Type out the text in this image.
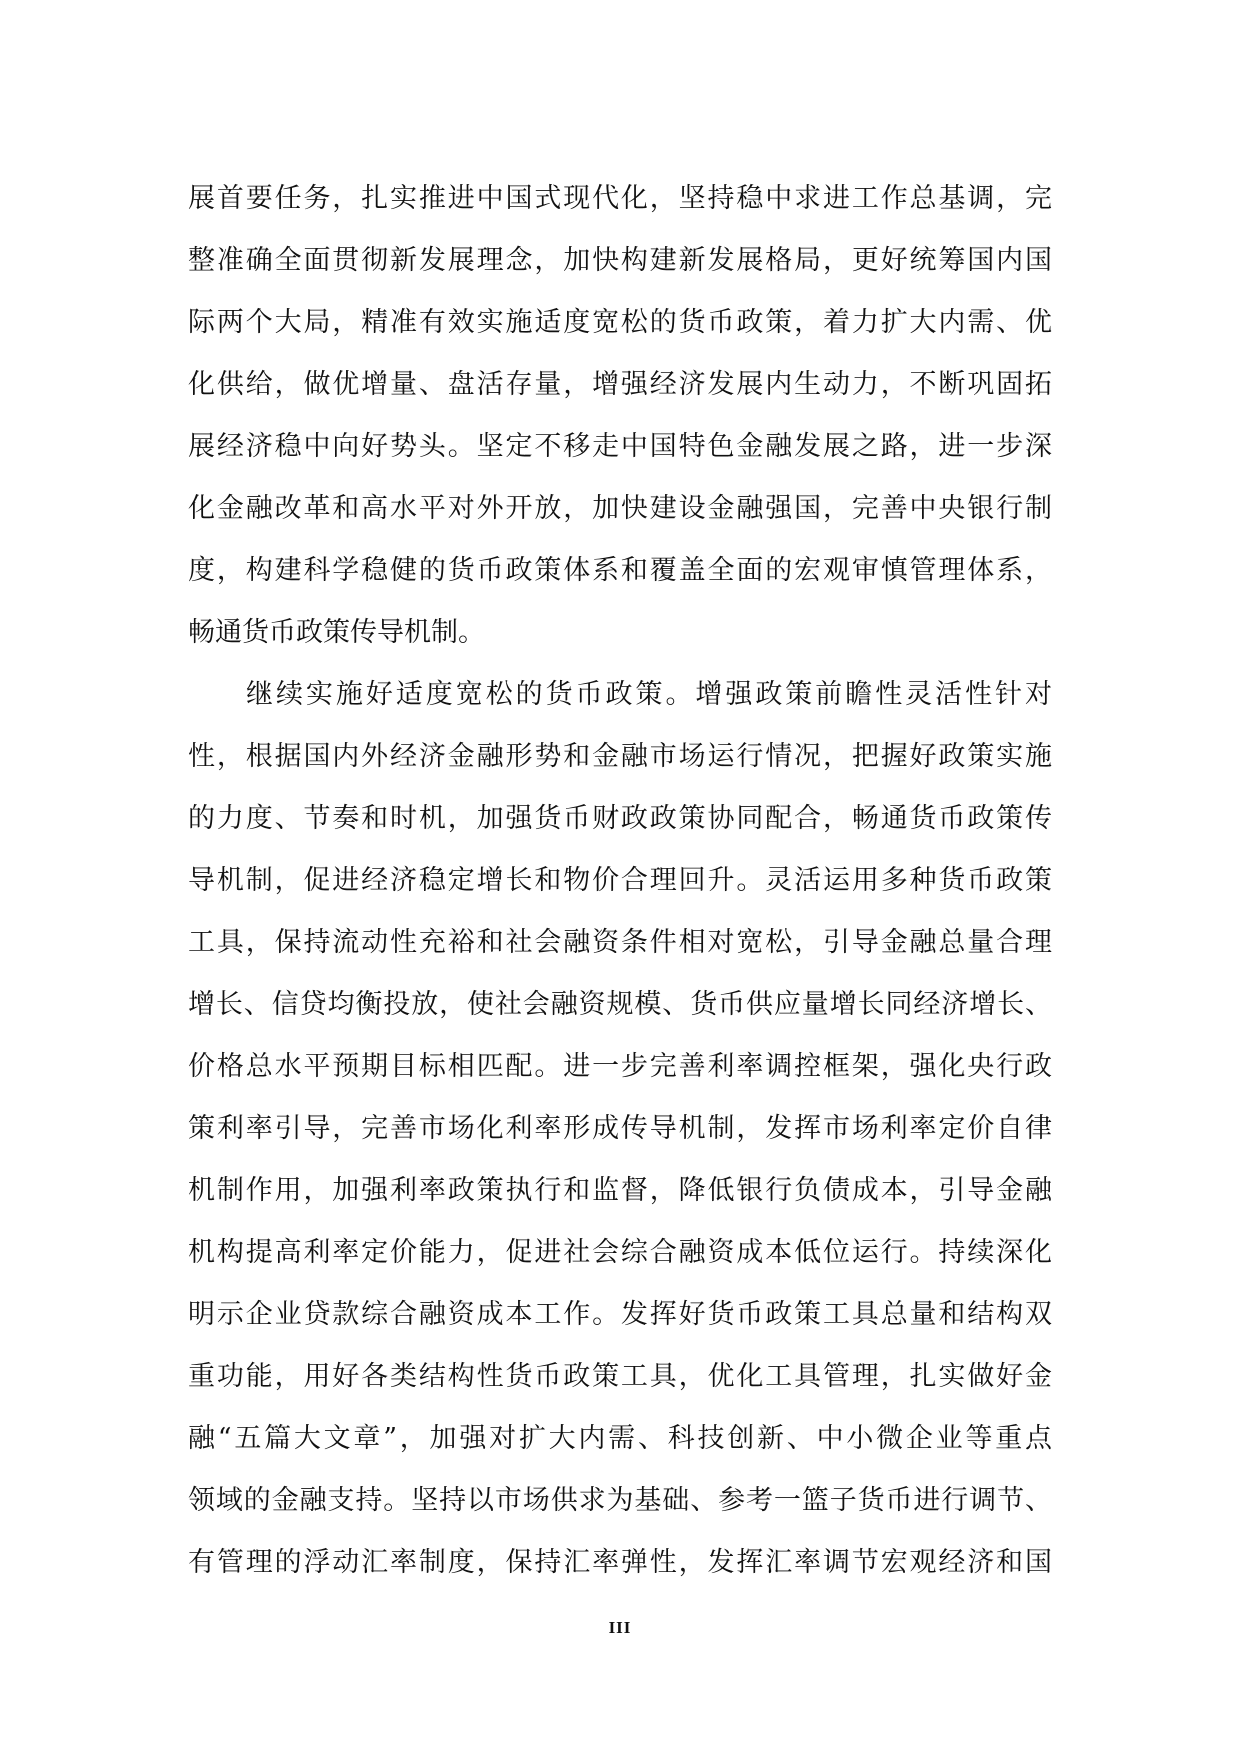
展首要任务，扎实推进中国式现代化，坚持稳中求进工作总基调，完
整准确全面贯彻新发展理念，加快构建新发展格局，更好统筹国内国
际两个大局，精准有效实施适度宽松的货币政策，着力扩大内需、优
化供给，做优增量、盘活存量，增强经济发展内生动力，不断巩固拓
展经济稳中向好势头。坚定不移走中国特色金融发展之路，进一步深
化金融改革和高水平对外开放，加快建设金融强国，完善中央银行制
度，构建科学稳健的货币政策体系和覆盖全面的宏观审慎管理体系，
畅通货币政策传导机制。
继续实施好适度宽松的货币政策。增强政策前瞻性灵活性针对
性，根据国内外经济金融形势和金融市场运行情况，把握好政策实施
的力度、节奏和时机，加强货币财政政策协同配合，畅通货币政策传
导机制，促进经济稳定增长和物价合理回升。灵活运用多种货币政策
工具，保持流动性充裕和社会融资条件相对宽松，引导金融总量合理
增长、信贷均衡投放，使社会融资规模、货币供应量增长同经济增长、
价格总水平预期目标相匹配。进一步完善利率调控框架，强化央行政
策利率引导，完善市场化利率形成传导机制，发挥市场利率定价自律
机制作用，加强利率政策执行和监督，降低银行负债成本，引导金融
机构提高利率定价能力，促进社会综合融资成本低位运行。持续深化
明示企业贷款综合融资成本工作。发挥好货币政策工具总量和结构双
重功能，用好各类结构性货币政策工具，优化工具管理，扎实做好金
融“五篇大文章”，加强对扩大内需、科技创新、中小微企业等重点
领域的金融支持。坚持以市场供求为基础、参考一篮子货币进行调节、
有管理的浮动汇率制度，保持汇率弹性，发挥汇率调节宏观经济和国
III
